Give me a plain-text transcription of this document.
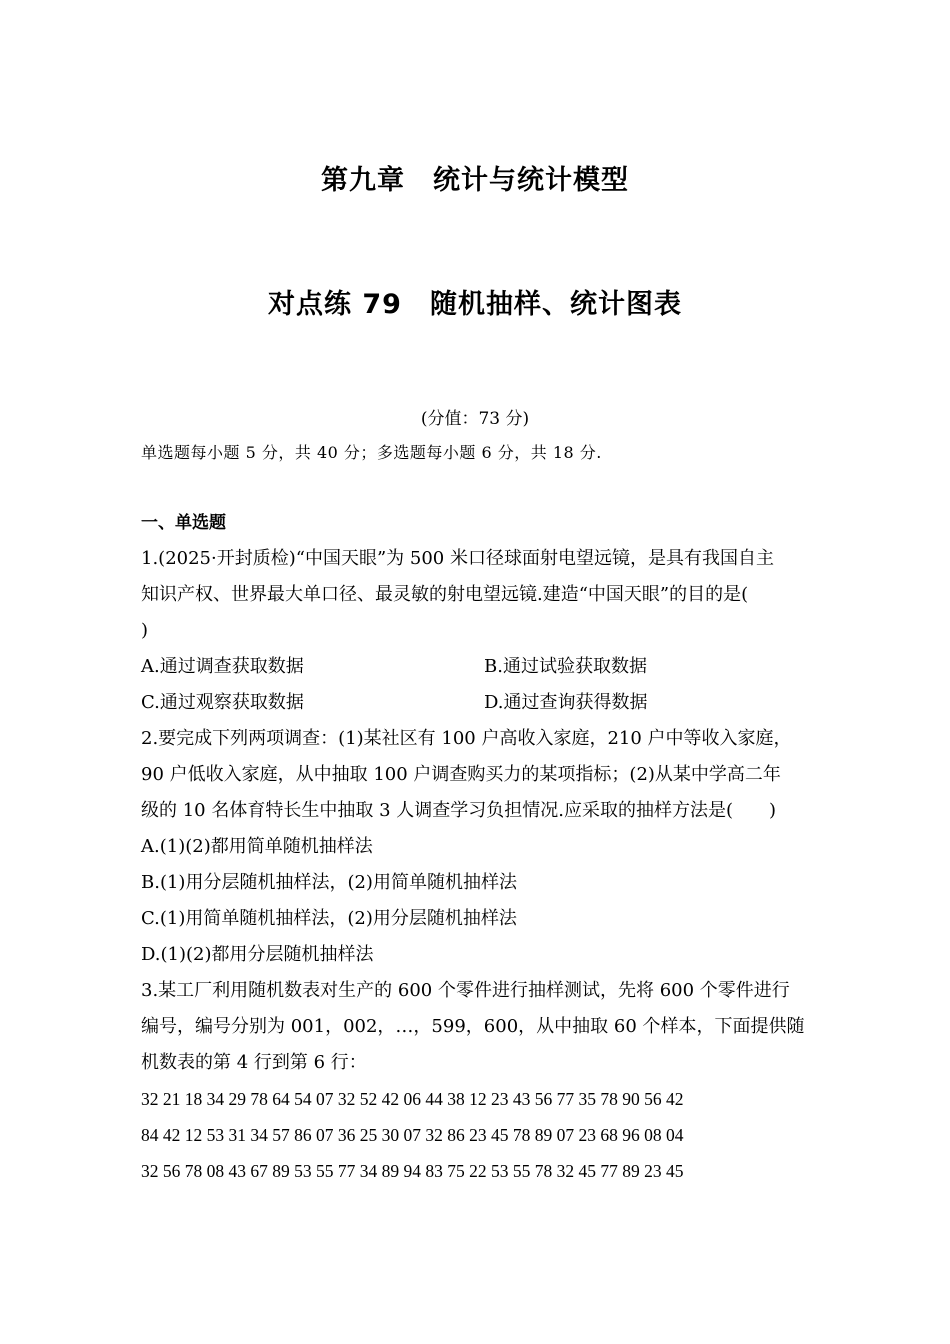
第九章　统计与统计模型
对点练 79　随机抽样、统计图表
(分值：73 分)
单选题每小题 5 分，共 40 分；多选题每小题 6 分，共 18 分.
一、单选题
1.(2025·开封质检)“中国天眼”为 500 米口径球面射电望远镜，是具有我国自主
知识产权、世界最大单口径、最灵敏的射电望远镜.建造“中国天眼”的目的是(
)
A.通过调查获取数据	B.通过试验获取数据
C.通过观察获取数据	D.通过查询获得数据
2.要完成下列两项调查：(1)某社区有 100 户高收入家庭，210 户中等收入家庭，
90 户低收入家庭，从中抽取 100 户调查购买力的某项指标；(2)从某中学高二年
级的 10 名体育特长生中抽取 3 人调查学习负担情况.应采取的抽样方法是(　　)
A.(1)(2)都用简单随机抽样法
B.(1)用分层随机抽样法，(2)用简单随机抽样法
C.(1)用简单随机抽样法，(2)用分层随机抽样法
D.(1)(2)都用分层随机抽样法
3.某工厂利用随机数表对生产的 600 个零件进行抽样测试，先将 600 个零件进行
编号，编号分别为 001，002，…，599，600，从中抽取 60 个样本，下面提供随
机数表的第 4 行到第 6 行：
32 21 18 34 29 78 64 54 07 32 52 42 06 44 38 12 23 43 56 77 35 78 90 56 42
84 42 12 53 31 34 57 86 07 36 25 30 07 32 86 23 45 78 89 07 23 68 96 08 04
32 56 78 08 43 67 89 53 55 77 34 89 94 83 75 22 53 55 78 32 45 77 89 23 45
